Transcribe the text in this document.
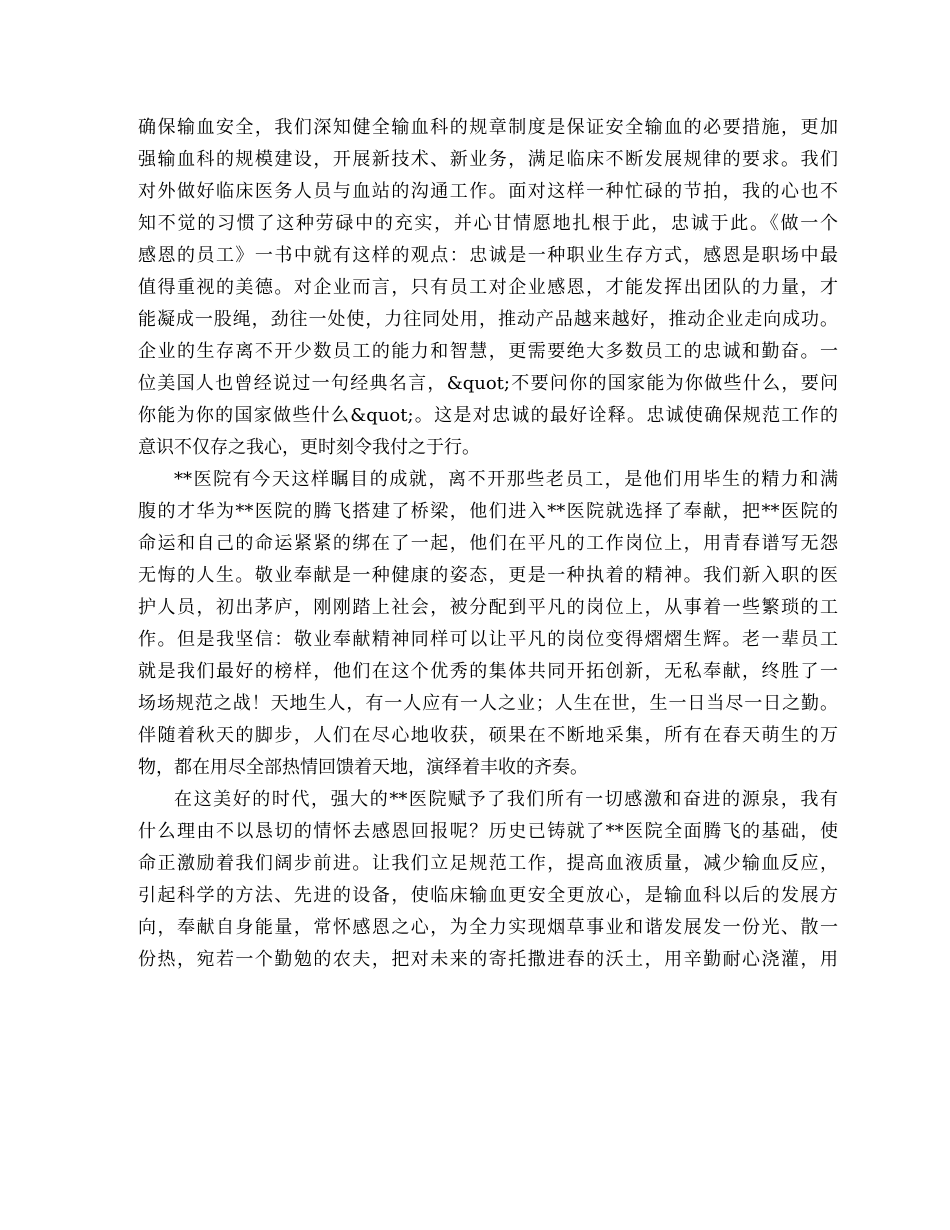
确保输血安全，我们深知健全输血科的规章制度是保证安全输血的必要措施，更加
强输血科的规模建设，开展新技术、新业务，满足临床不断发展规律的要求。我们
对外做好临床医务人员与血站的沟通工作。面对这样一种忙碌的节拍，我的心也不
知不觉的习惯了这种劳碌中的充实，并心甘情愿地扎根于此，忠诚于此。《做一个
感恩的员工》一书中就有这样的观点：忠诚是一种职业生存方式，感恩是职场中最
值得重视的美德。对企业而言，只有员工对企业感恩，才能发挥出团队的力量，才
能凝成一股绳，劲往一处使，力往同处用，推动产品越来越好，推动企业走向成功。
企业的生存离不开少数员工的能力和智慧，更需要绝大多数员工的忠诚和勤奋。一
位美国人也曾经说过一句经典名言，&quot;不要问你的国家能为你做些什么，要问
你能为你的国家做些什么&quot;。这是对忠诚的最好诠释。忠诚使确保规范工作的
意识不仅存之我心，更时刻令我付之于行。
**医院有今天这样瞩目的成就，离不开那些老员工，是他们用毕生的精力和满
腹的才华为**医院的腾飞搭建了桥梁，他们进入**医院就选择了奉献，把**医院的
命运和自己的命运紧紧的绑在了一起，他们在平凡的工作岗位上，用青春谱写无怨
无悔的人生。敬业奉献是一种健康的姿态，更是一种执着的精神。我们新入职的医
护人员，初出茅庐，刚刚踏上社会，被分配到平凡的岗位上，从事着一些繁琐的工
作。但是我坚信：敬业奉献精神同样可以让平凡的岗位变得熠熠生辉。老一辈员工
就是我们最好的榜样，他们在这个优秀的集体共同开拓创新，无私奉献，终胜了一
场场规范之战！天地生人，有一人应有一人之业；人生在世，生一日当尽一日之勤。
伴随着秋天的脚步，人们在尽心地收获，硕果在不断地采集，所有在春天萌生的万
物，都在用尽全部热情回馈着天地，演绎着丰收的齐奏。
在这美好的时代，强大的**医院赋予了我们所有一切感激和奋进的源泉，我有
什么理由不以恳切的情怀去感恩回报呢？历史已铸就了**医院全面腾飞的基础，使
命正激励着我们阔步前进。让我们立足规范工作，提高血液质量，减少输血反应，
引起科学的方法、先进的设备，使临床输血更安全更放心，是输血科以后的发展方
向，奉献自身能量，常怀感恩之心，为全力实现烟草事业和谐发展发一份光、散一
份热，宛若一个勤勉的农夫，把对未来的寄托撒进春的沃土，用辛勤耐心浇灌，用
